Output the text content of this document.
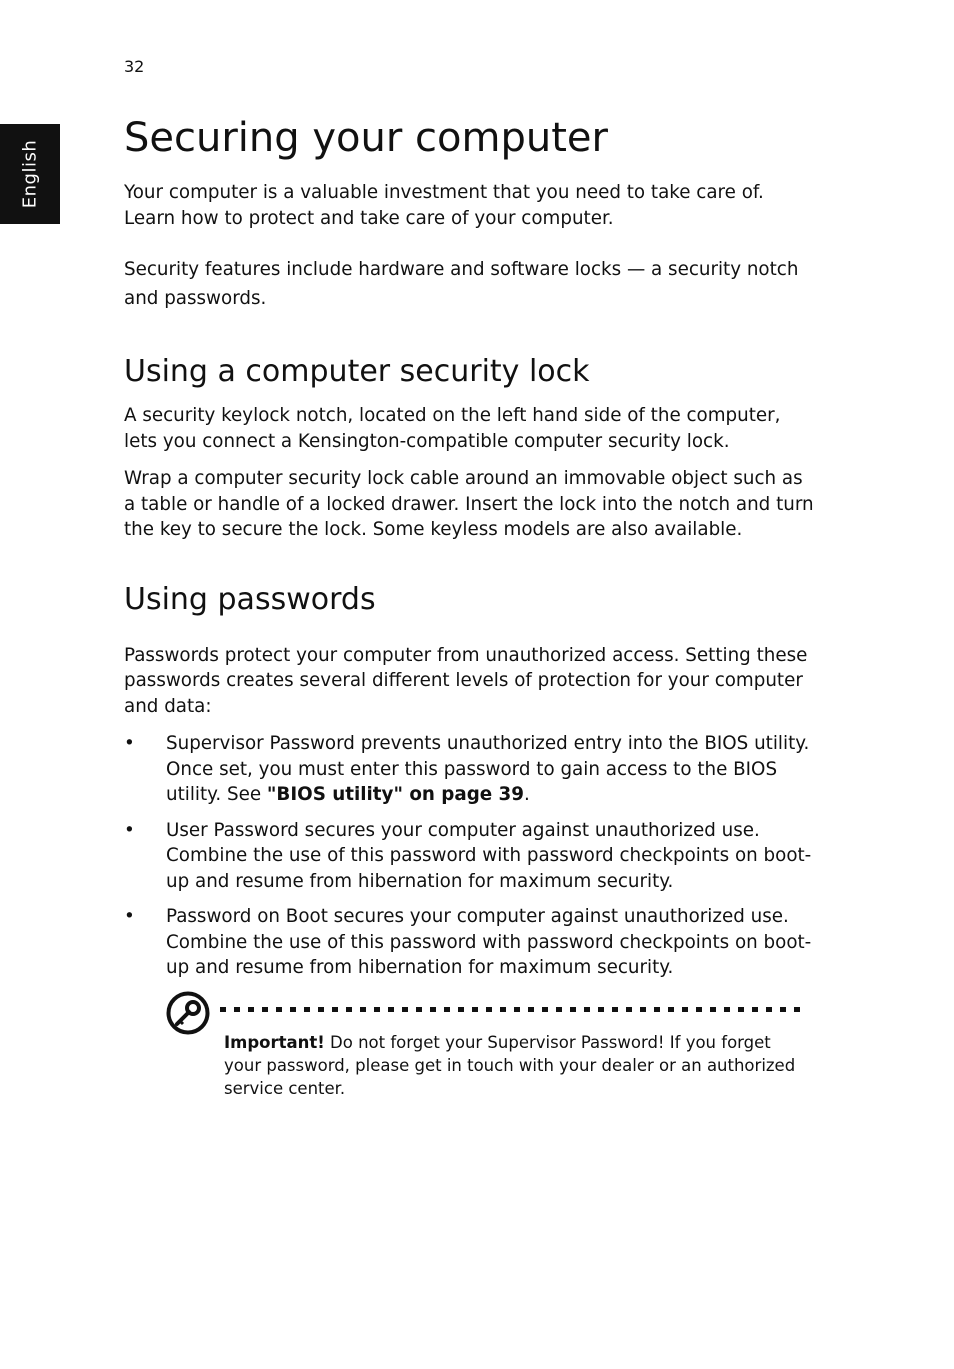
32
English
Securing your computer

Your computer is a valuable investment that you need to take care of. Learn how to protect and take care of your computer.

Security features include hardware and software locks — a security notch and passwords.

Using a computer security lock

A security keylock notch, located on the left hand side of the computer, lets you connect a Kensington-compatible computer security lock.

Wrap a computer security lock cable around an immovable object such as a table or handle of a locked drawer. Insert the lock into the notch and turn the key to secure the lock. Some keyless models are also available.

Using passwords

Passwords protect your computer from unauthorized access. Setting these passwords creates several different levels of protection for your computer and data:

• Supervisor Password prevents unauthorized entry into the BIOS utility. Once set, you must enter this password to gain access to the BIOS utility. See "BIOS utility" on page 39.
• User Password secures your computer against unauthorized use. Combine the use of this password with password checkpoints on boot-up and resume from hibernation for maximum security.
• Password on Boot secures your computer against unauthorized use. Combine the use of this password with password checkpoints on boot-up and resume from hibernation for maximum security.
Important! Do not forget your Supervisor Password! If you forget your password, please get in touch with your dealer or an authorized service center.
